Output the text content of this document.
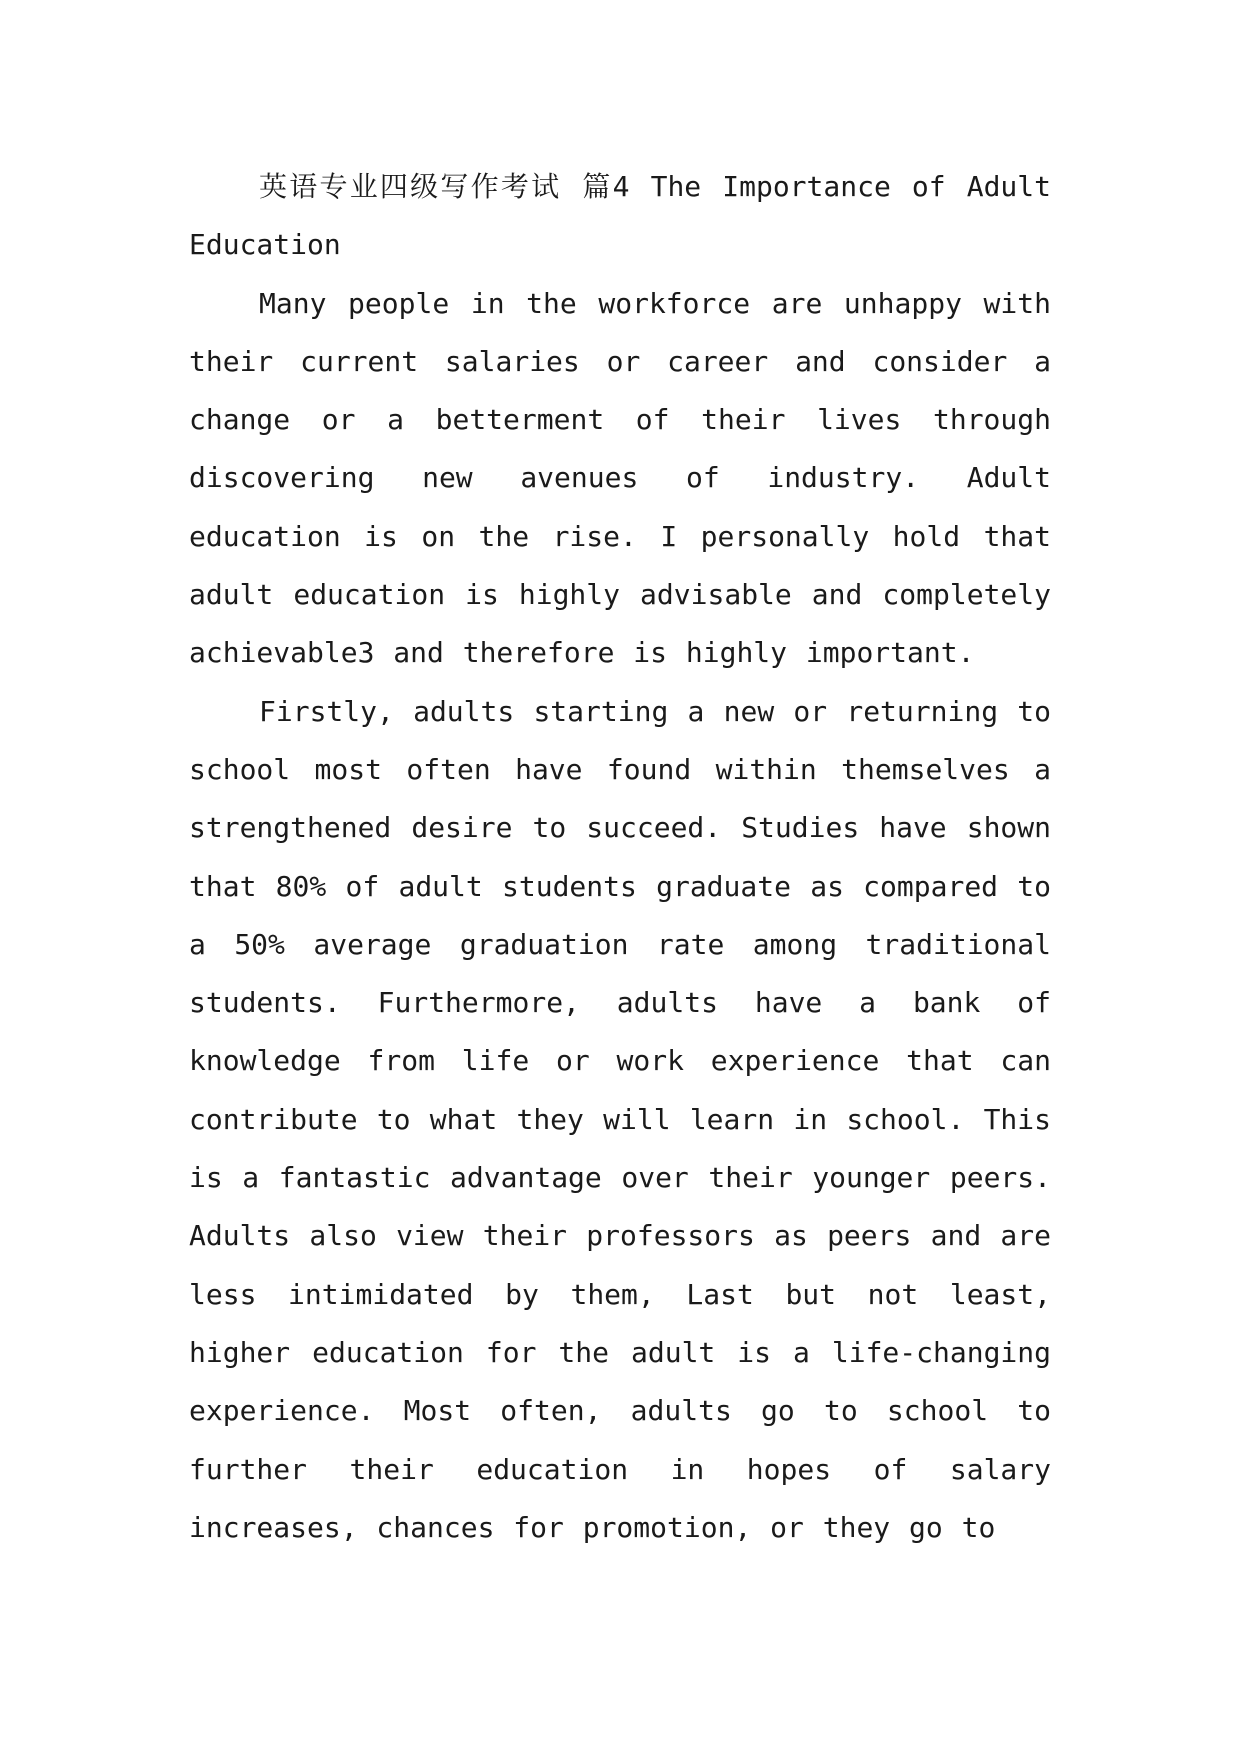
英语专业四级写作考试 篇4 The Importance of Adult Education

Many people in the workforce are unhappy with their current salaries or career and consider a change or a betterment of their lives through discovering new avenues of industry. Adult education is on the rise. I personally hold that adult education is highly advisable and completely achievable3 and therefore is highly important.

Firstly, adults starting a new or returning to school most often have found within themselves a strengthened desire to succeed. Studies have shown that 80% of adult students graduate as compared to a 50% average graduation rate among traditional students. Furthermore, adults have a bank of knowledge from life or work experience that can contribute to what they will learn in school. This is a fantastic advantage over their younger peers. Adults also view their professors as peers and are less intimidated by them, Last but not least, higher education for the adult is a life-changing experience. Most often, adults go to school to further their education in hopes of salary increases, chances for promotion, or they go to
